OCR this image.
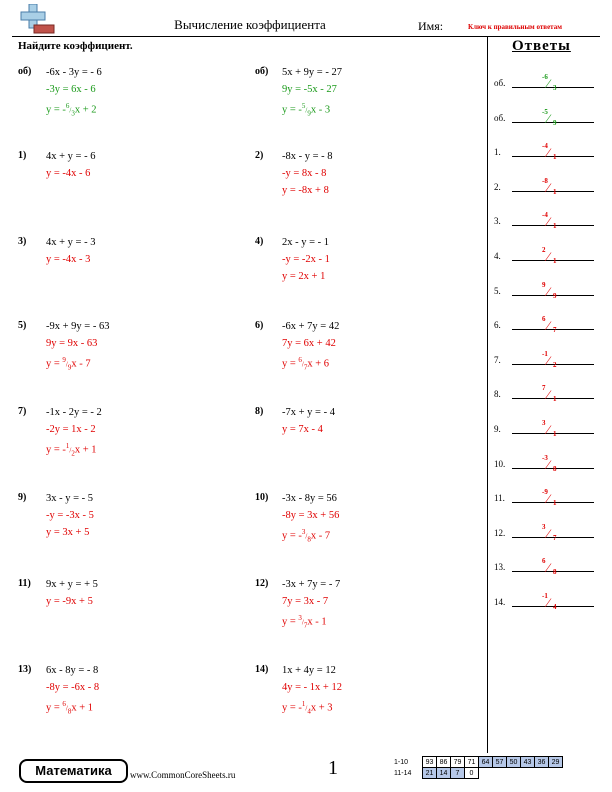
Вычисление коэффициента	Имя:	Ключ к правильным ответам
Найдите коэффициент.	Ответы
об) -6x - 3y = - 6
-3y = 6x - 6
$y = -^6/_3x + 2$
об) 5x + 9y = - 27
9y = -5x - 27
$y = -^5/_9x - 3$
1) 4x + y = - 6
y = -4x - 6
2) -8x - y = - 8
-y = 8x - 8
y = -8x + 8
3) 4x + y = - 3
y = -4x - 3
4) 2x - y = - 1
-y = -2x - 1
y = 2x + 1
5) -9x + 9y = - 63
9y = 9x - 63
$y = ^9/_9x - 7$
6) -6x + 7y = 42
7y = 6x + 42
$y = ^6/_7x + 6$
7) -1x - 2y = - 2
-2y = 1x - 2
$y = -^1/_2x + 1$
8) -7x + y = - 4
y = 7x - 4
9) 3x - y = - 5
-y = -3x - 5
y = 3x + 5
10) -3x - 8y = 56
-8y = 3x + 56
$y = -^3/_8x - 7$
11) 9x + y = + 5
y = -9x + 5
12) -3x + 7y = - 7
7y = 3x - 7
$y = ^3/_7x - 1$
13) 6x - 8y = - 8
-8y = -6x - 8
$y = ^6/_8x + 1$
14) 1x + 4y = 12
4y = - 1x + 12
$y = -^1/_4x + 3$
об.
-6 ⁄ 3
об.
-5 ⁄ 9
1.
-4 ⁄ 1
2.
-8 ⁄ 1
3.
-4 ⁄ 1
4.
2 ⁄ 1
5.
9 ⁄ 9
6.
6 ⁄ 7
7.
-1 ⁄ 2
8.
7 ⁄ 1
9.
3 ⁄ 1
10.
-3 ⁄ 8
11.
-9 ⁄ 1
12.
3 ⁄ 7
13.
6 ⁄ 8
14.
-1 ⁄ 4
Математика	www.CommonCoreSheets.ru	1	1-10	93	86	79	71	64	57	50	43	36	29
11-14	21	14	7	0						
